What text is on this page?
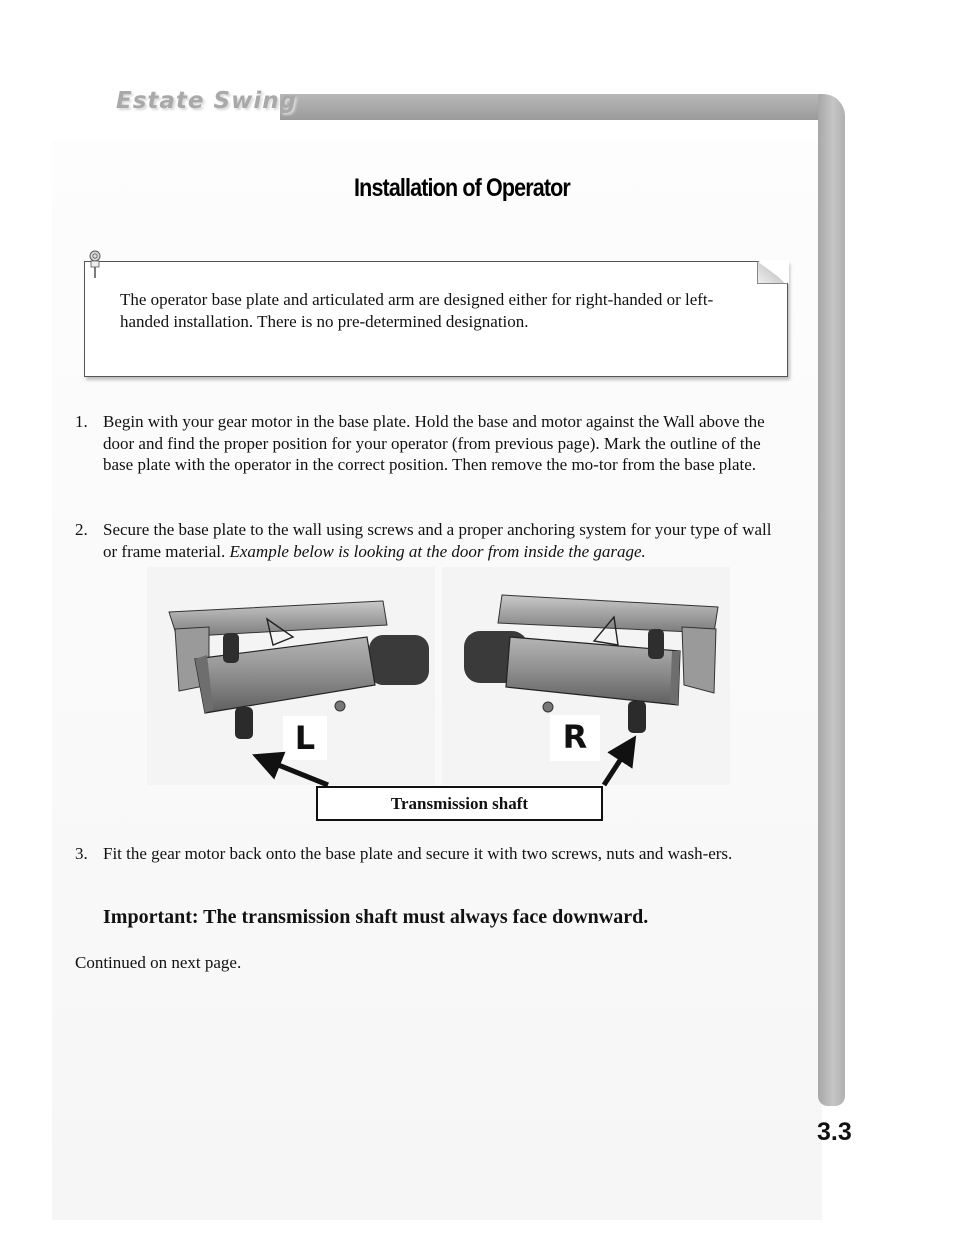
Estate Swing
Installation of Operator
The operator base plate and articulated arm are designed either for right-handed or left-handed installation. There is no pre-determined designation.
1. Begin with your gear motor in the base plate. Hold the base and motor against the Wall above the door and find the proper position for your operator (from previous page). Mark the outline of the base plate with the operator in the correct position. Then remove the mo-tor from the base plate.
2. Secure the base plate to the wall using screws and a proper anchoring system for your type of wall or frame material. Example below is looking at the door from inside the garage.
L	R
Transmission shaft
3. Fit the gear motor back onto the base plate and secure it with two screws, nuts and wash-ers.
Important: The transmission shaft must always face downward.
Continued on next page.
3.3
